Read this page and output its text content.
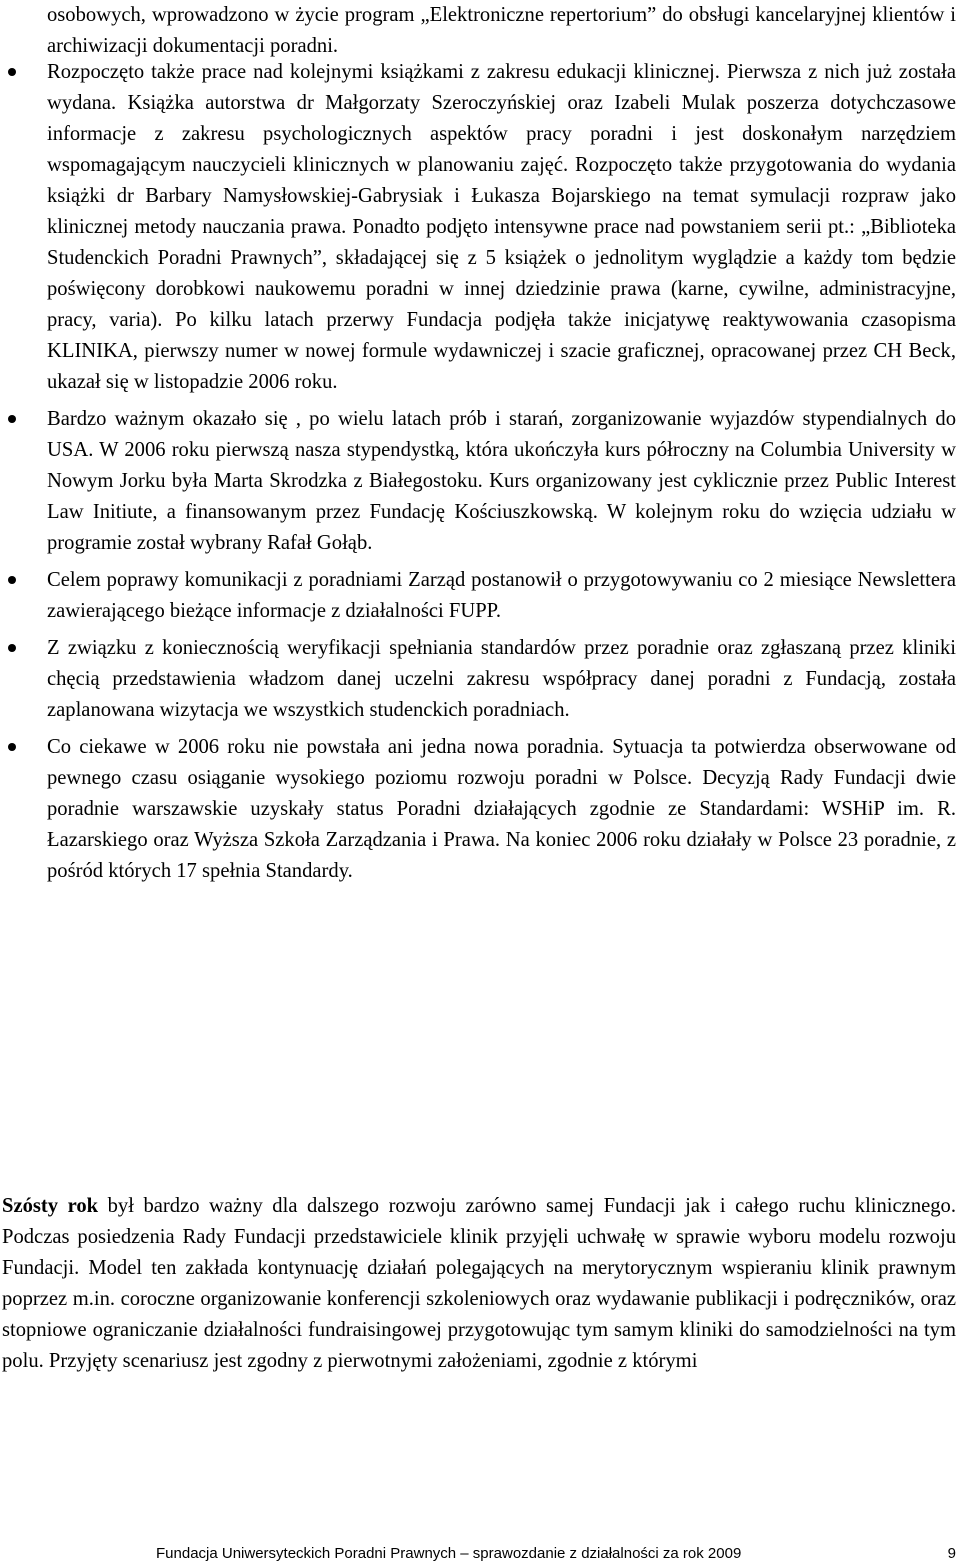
osobowych, wprowadzono w życie program „Elektroniczne repertorium” do obsługi kancelaryjnej klientów i archiwizacji dokumentacji poradni.

Rozpoczęto także prace nad kolejnymi książkami z zakresu edukacji klinicznej. Pierwsza z nich już została wydana. Książka autorstwa dr Małgorzaty Szeroczyńskiej oraz Izabeli Mulak poszerza dotychczasowe informacje z zakresu psychologicznych aspektów pracy poradni i jest doskonałym narzędziem wspomagającym nauczycieli klinicznych w planowaniu zajęć. Rozpoczęto także przygotowania do wydania książki dr Barbary Namysłowskiej-Gabrysiak i Łukasza Bojarskiego na temat symulacji rozpraw jako klinicznej metody nauczania prawa. Ponadto podjęto intensywne prace nad powstaniem serii pt.: „Biblioteka Studenckich Poradni Prawnych”, składającej się z 5 książek o jednolitym wyglądzie a każdy tom będzie poświęcony dorobkowi naukowemu poradni w innej dziedzinie prawa (karne, cywilne, administracyjne, pracy, varia). Po kilku latach przerwy Fundacja podjęła także inicjatywę reaktywowania czasopisma KLINIKA, pierwszy numer w nowej formule wydawniczej i szacie graficznej, opracowanej przez CH Beck, ukazał się w listopadzie 2006 roku.
Bardzo ważnym okazało się , po wielu latach prób i starań, zorganizowanie wyjazdów stypendialnych do USA. W 2006 roku pierwszą nasza stypendystką, która ukończyła kurs półroczny na Columbia University w Nowym Jorku była Marta Skrodzka z Białegostoku. Kurs organizowany jest cyklicznie przez Public Interest Law Initiute, a finansowanym przez Fundację Kościuszkowską. W kolejnym roku do wzięcia udziału w programie został wybrany Rafał Gołąb.
Celem poprawy komunikacji z poradniami Zarząd postanowił o przygotowywaniu co 2 miesiące Newslettera zawierającego bieżące informacje z działalności FUPP.
Z związku z koniecznością weryfikacji spełniania standardów przez poradnie oraz zgłaszaną przez kliniki chęcią przedstawienia władzom danej uczelni zakresu współpracy danej poradni z Fundacją, została zaplanowana wizytacja we wszystkich studenckich poradniach.
Co ciekawe w 2006 roku nie powstała ani jedna nowa poradnia. Sytuacja ta potwierdza obserwowane od pewnego czasu osiąganie wysokiego poziomu rozwoju poradni w Polsce. Decyzją Rady Fundacji dwie poradnie warszawskie uzyskały status Poradni działających zgodnie ze Standardami: WSHiP im. R. Łazarskiego oraz Wyższa Szkoła Zarządzania i Prawa. Na koniec 2006 roku działały w Polsce 23 poradnie, z pośród których 17 spełnia Standardy.

Szósty rok był bardzo ważny dla dalszego rozwoju zarówno samej Fundacji jak i całego ruchu klinicznego. Podczas posiedzenia Rady Fundacji przedstawiciele klinik przyjęli uchwałę w sprawie wyboru modelu rozwoju Fundacji. Model ten zakłada kontynuację działań polegających na merytorycznym wspieraniu klinik prawnym poprzez m.in. coroczne organizowanie konferencji szkoleniowych oraz wydawanie publikacji i podręczników, oraz stopniowe ograniczanie działalności fundraisingowej przygotowując tym samym kliniki do samodzielności na tym polu. Przyjęty scenariusz jest zgodny z pierwotnymi założeniami, zgodnie z którymi

Fundacja Uniwersyteckich Poradni Prawnych – sprawozdanie z działalności za rok 2009	9
